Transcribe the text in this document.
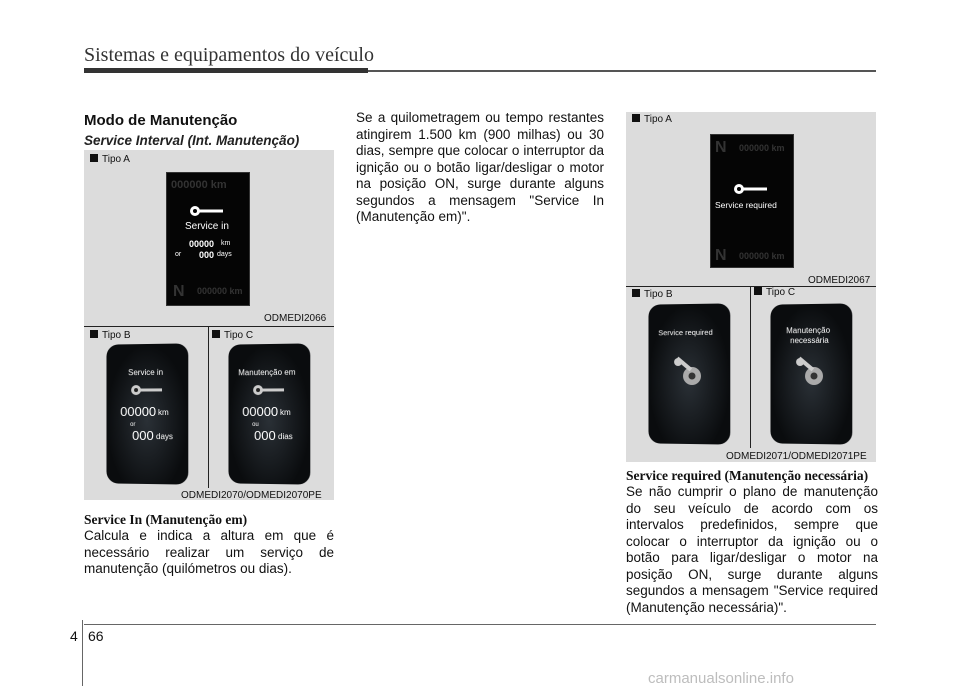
Sistemas e equipamentos do veículo
Modo de Manutenção
Service Interval (Int. Manutenção)
Tipo A
000000 km
Service in
00000 km
or 000 days
N 000000 km
ODMEDI2066
Tipo B	Tipo C
Service in
00000 km
or
000 days
Manutenção em
00000 km
ou
000 dias
ODMEDI2070/ODMEDI2070PE
Service In (Manutenção em)
Calcula e indica a altura em que é necessário realizar um serviço de manutenção (quilómetros ou dias).
Se a quilometragem ou tempo restantes atingirem 1.500 km (900 milhas) ou 30 dias, sempre que colocar o interruptor da ignição ou o botão ligar/desligar o motor na posição ON, surge durante alguns segundos a mensagem "Service In (Manutenção em)".
Tipo A
N 000000 km
Service required
N 000000 km
ODMEDI2067
Tipo B	Tipo C
Service required	Manutenção
necessária
ODMEDI2071/ODMEDI2071PE
Service required (Manutenção necessária)
Se não cumprir o plano de manutenção do seu veículo de acordo com os intervalos predefinidos, sempre que colocar o interruptor da ignição ou o botão para ligar/desligar o motor na posição ON, surge durante alguns segundos a mensagem "Service required (Manutenção necessária)".
4 66
carmanualsonline.info
